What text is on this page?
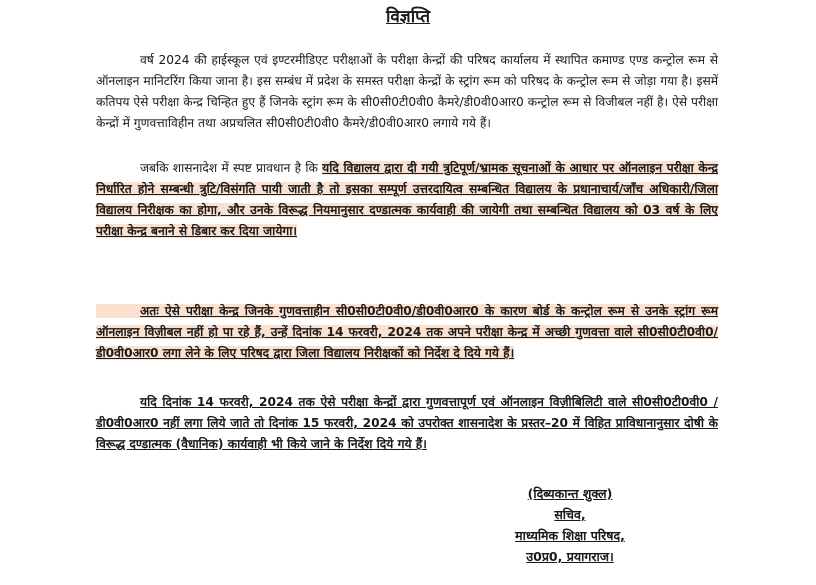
विज्ञप्ति
वर्ष 2024 की हाईस्कूल एवं इण्टरमीडिएट परीक्षाओं के परीक्षा केन्द्रों की परिषद कार्यालय में स्थापित कमाण्ड एण्ड कन्ट्रोल रूम से ऑनलाइन मानिटरिंग किया जाना है। इस सम्बंध में प्रदेश के समस्त परीक्षा केन्द्रों के स्ट्रांग रूम को परिषद के कन्ट्रोल रूम से जोड़ा गया है। इसमें कतिपय ऐसे परीक्षा केन्द्र चिन्हित हुए हैं जिनके स्ट्रांग रूम के सी0सी0टी0वी0 कैमरे/डी0वी0आर0 कन्ट्रोल रूम से विजीबल नहीं है। ऐसे परीक्षा केन्द्रों में गुणवत्ताविहीन तथा अप्रचलित सी0सी0टी0वी0 कैमरे/डी0वी0आर0 लगाये गये हैं।
जबकि शासनादेश में स्पष्ट प्रावधान है कि यदि विद्यालय द्वारा दी गयी त्रुटिपूर्ण/भ्रामक सूचनाओं के आधार पर ऑनलाइन परीक्षा केन्द्र निर्धारित होने सम्बन्धी त्रुटि/विसंगति पायी जाती है तो इसका सम्पूर्ण उत्तरदायित्व सम्बन्धित विद्यालय के प्रधानाचार्य/जाँच अधिकारी/जिला विद्यालय निरीक्षक का होगा, और उनके विरूद्ध नियमानुसार दण्डात्मक कार्यवाही की जायेगी तथा सम्बन्धित विद्यालय को 03 वर्ष के लिए परीक्षा केन्द्र बनाने से डिबार कर दिया जायेगा।
अतः ऐसे परीक्षा केन्द्र जिनके गुणवत्ताहीन सी0सी0टी0वी0/डी0वी0आर0 के कारण बोर्ड के कन्ट्रोल रूम से उनके स्ट्रांग रूम ऑनलाइन विज़ीबल नहीं हो पा रहे हैं, उन्हें दिनांक 14 फरवरी, 2024 तक अपने परीक्षा केन्द्र में अच्छी गुणवत्ता वाले सी0सी0टी0वी0/डी0वी0आर0 लगा लेने के लिए परिषद द्वारा जिला विद्यालय निरीक्षकों को निर्देश दे दिये गये हैं।
यदि दिनांक 14 फरवरी, 2024 तक ऐसे परीक्षा केन्द्रों द्वारा गुणवत्तापूर्ण एवं ऑनलाइन विज़ीबिलिटी वाले सी0सी0टी0वी0 /डी0वी0आर0 नहीं लगा लिये जाते तो दिनांक 15 फरवरी, 2024 को उपरोक्त शासनादेश के प्रस्तर–20 में विहित प्राविधानानुसार दोषी के विरूद्ध दण्डात्मक (वैधानिक) कार्यवाही भी किये जाने के निर्देश दिये गये हैं।
(दिब्यकान्त शुक्ल)
सचिव,
माध्यमिक शिक्षा परिषद,
उ0प्र0, प्रयागराज।
